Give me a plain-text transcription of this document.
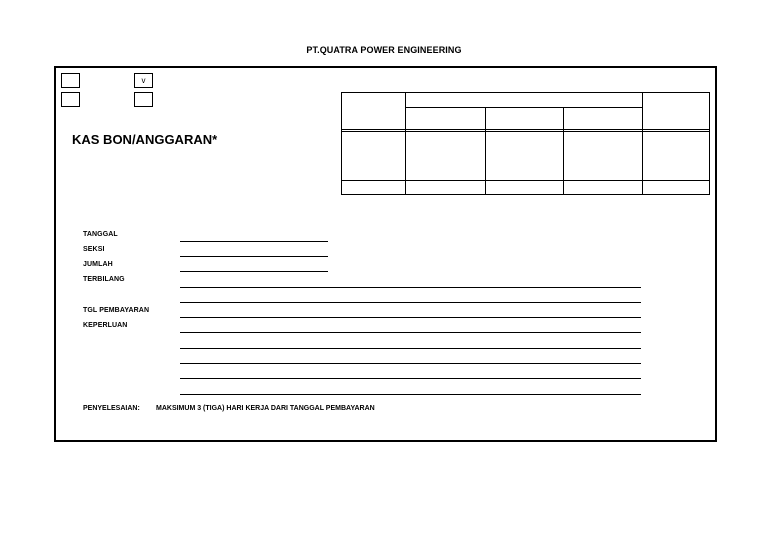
PT.QUATRA POWER ENGINEERING
v
KAS BON/ANGGARAN*
TANGGAL
SEKSI
JUMLAH
TERBILANG
TGL PEMBAYARAN
KEPERLUAN
PENYELESAIAN: MAKSIMUM 3 (TIGA) HARI KERJA DARI TANGGAL PEMBAYARAN
